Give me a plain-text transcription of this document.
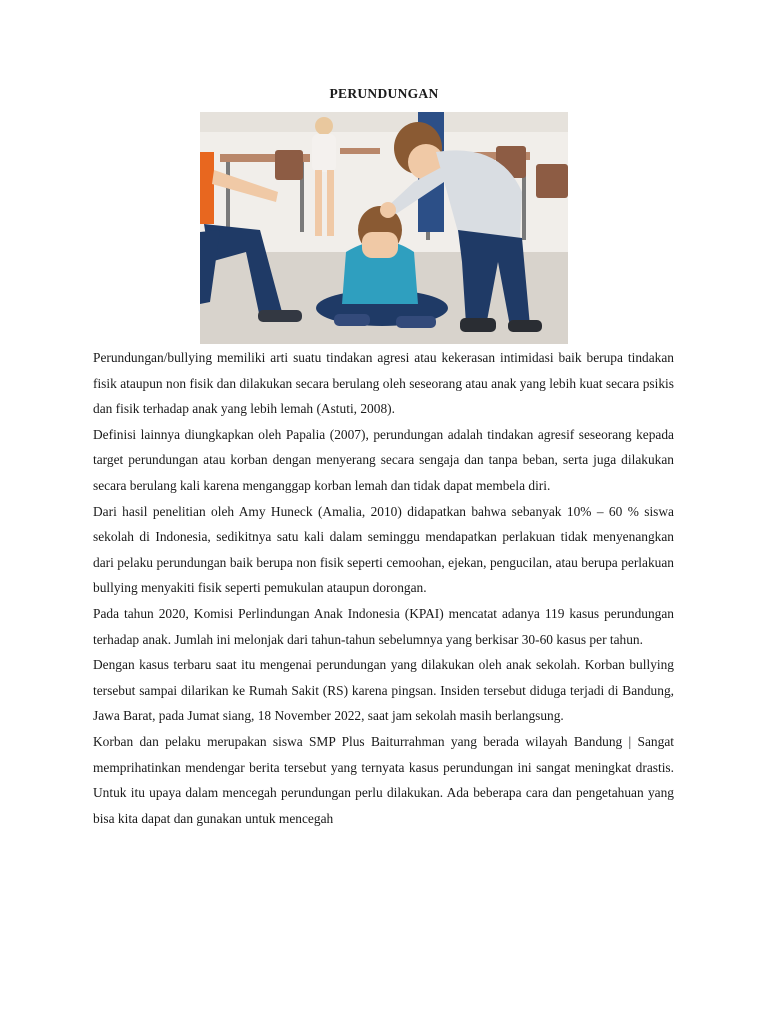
PERUNDUNGAN

Perundungan/bullying memiliki arti suatu tindakan agresi atau kekerasan intimidasi baik berupa tindakan fisik ataupun non fisik dan dilakukan secara berulang oleh seseorang atau anak yang lebih kuat secara psikis dan fisik terhadap anak yang lebih lemah (Astuti, 2008).

Definisi lainnya diungkapkan oleh Papalia (2007), perundungan adalah tindakan agresif seseorang kepada target perundungan atau korban dengan menyerang secara sengaja dan tanpa beban, serta juga dilakukan secara berulang kali karena menganggap korban lemah dan tidak dapat membela diri.

Dari hasil penelitian oleh Amy Huneck (Amalia, 2010) didapatkan bahwa sebanyak 10% – 60 % siswa sekolah di Indonesia, sedikitnya satu kali dalam seminggu mendapatkan perlakuan tidak menyenangkan dari pelaku perundungan baik berupa non fisik seperti cemoohan, ejekan, pengucilan, atau berupa perlakuan bullying menyakiti fisik seperti pemukulan ataupun dorongan.

Pada tahun 2020, Komisi Perlindungan Anak Indonesia (KPAI) mencatat adanya 119 kasus perundungan terhadap anak. Jumlah ini melonjak dari tahun-tahun sebelumnya yang berkisar 30-60 kasus per tahun.

Dengan kasus terbaru saat itu mengenai perundungan yang dilakukan oleh anak sekolah. Korban bullying tersebut sampai dilarikan ke Rumah Sakit (RS) karena pingsan. Insiden tersebut diduga terjadi di Bandung, Jawa Barat, pada Jumat siang, 18 November 2022, saat jam sekolah masih berlangsung.

Korban dan pelaku merupakan siswa SMP Plus Baiturrahman yang berada wilayah Bandung | Sangat memprihatinkan mendengar berita tersebut yang ternyata kasus perundungan ini sangat meningkat drastis. Untuk itu upaya dalam mencegah perundungan perlu dilakukan. Ada beberapa cara dan pengetahuan yang bisa kita dapat dan gunakan untuk mencegah
